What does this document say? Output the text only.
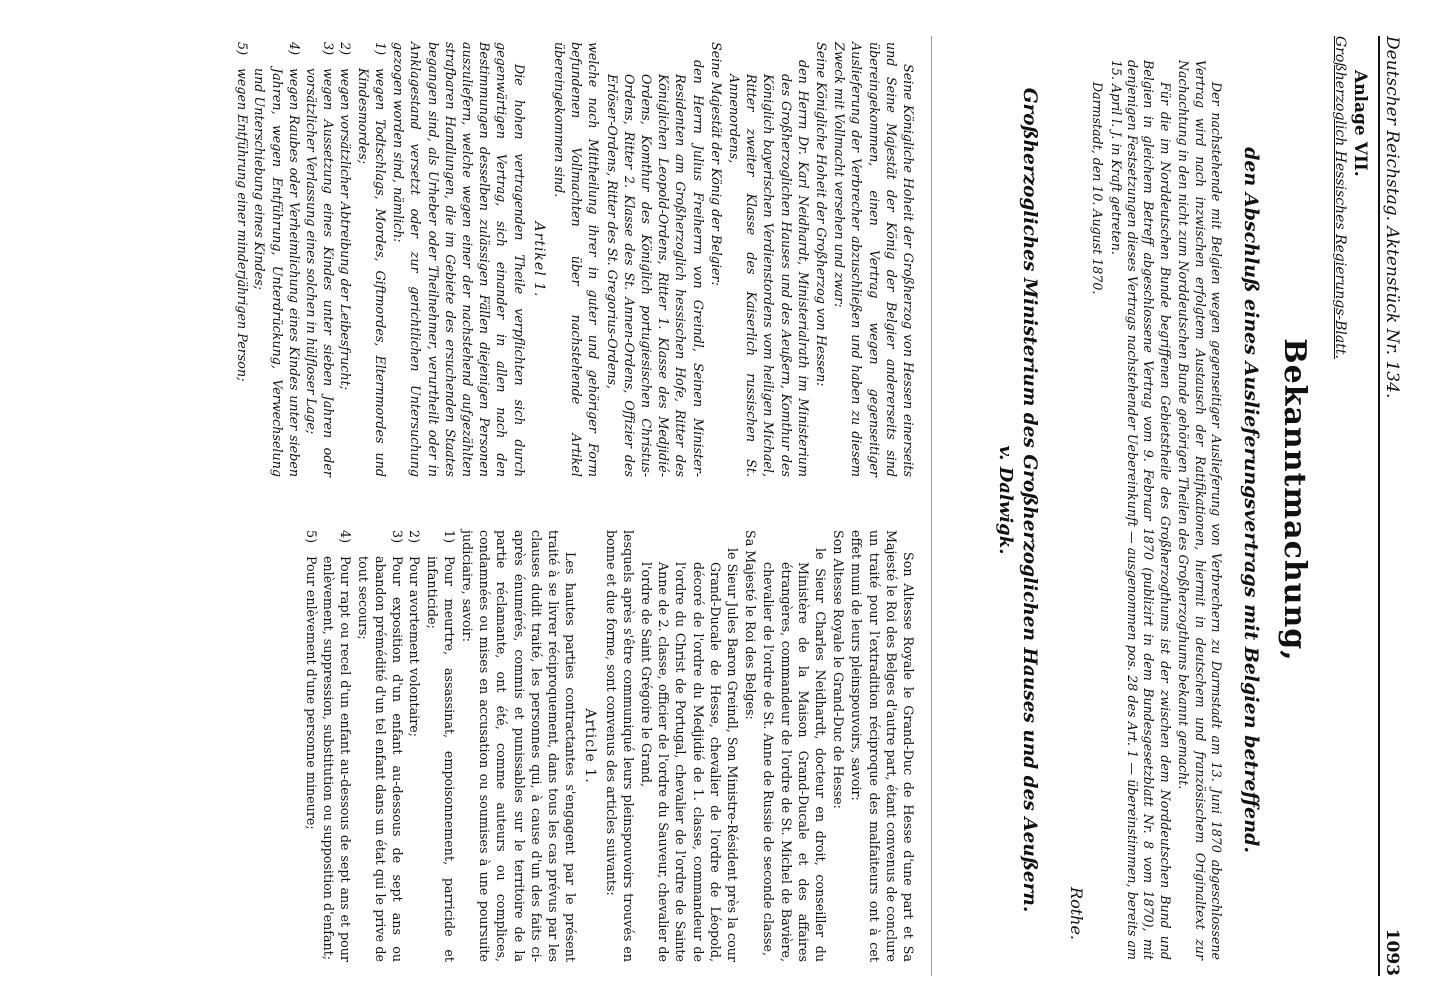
Deutscher Reichstag. Aktenstück Nr. 134.
1093
Anlage VII.
Großherzoglich Hessisches Regierungs-Blatt.
Bekanntmachung,
den Abschluß eines Auslieferungsvertrags mit Belgien betreffend.

Der nachstehende mit Belgien wegen gegenseitiger Auslieferung von Verbrechern zu Darmstadt am 13. Juni 1870 abgeschlossene Vertrag wird nach inzwischen erfolgtem Austausch der Ratifikationen, hiermit in deutschem und französischem Originaltext zur Nachachtung in den nicht zum Norddeutschen Bunde gehörigen Theilen des Großherzogthums bekannt gemacht.

Für die im Norddeutschen Bunde begriffenen Gebietstheile des Großherzogthums ist der zwischen dem Norddeutschen Bund und Belgien in gleichem Betreff abgeschlossene Vertrag vom 9. Februar 1870 (publizirt in dem Bundesgesetzblatt Nr. 8 vom 1870), mit denjenigen Festsetzungen dieses Vertrags nachstehender Uebereinkunft — ausgenommen pos. 28 des Art. 1 — übereinstimmen, bereits am 15. April l. J. in Kraft getreten.

Darmstadt, den 10. August 1870.

Rothe.
Großherzogliches Ministerium des Großherzoglichen Hauses und des Aeußern.
v. Dalwigk.

Seine Königliche Hoheit der Großherzog von Hessen einerseits und Seine Majestät der König der Belgier andererseits sind übereingekommen, einen Vertrag wegen gegenseitiger Auslieferung der Verbrecher abzuschließen und haben zu diesem Zweck mit Vollmacht versehen und zwar:

Seine Königliche Hoheit der Großherzog von Hessen:

den Herrn Dr. Karl Neidhardt, Ministerialrath im Ministerium des Großherzoglichen Hauses und des Aeußern, Komthur des Königlich bayerischen Verdienstordens vom heiligen Michael, Ritter zweiter Klasse des Kaiserlich russischen St. Annenordens,

Seine Majestät der König der Belgier:

den Herrn Julius Freiherrn von Greindl, Seinen Minister-Residenten am Großherzoglich hessischen Hofe, Ritter des Königlichen Leopold-Ordens, Ritter 1. Klasse des Medjidié-Ordens, Komthur des Königlich portugiesischen Christus-Ordens, Ritter 2. Klasse des St. Annen-Ordens, Offizier des Erlöser-Ordens, Ritter des St. Gregorius-Ordens,

welche nach Mittheilung ihrer in guter und gehöriger Form befundenen Vollmachten über nachstehende Artikel übereingekommen sind.

Artikel 1.

Die hohen vertragenden Theile verpflichten sich durch gegenwärtigen Vertrag, sich einander in allen nach den Bestimmungen desselben zulässigen Fällen diejenigen Personen auszuliefern, welche wegen einer der nachstehend aufgezählten strafbaren Handlungen, die im Gebiete des ersuchenden Staates begangen sind, als Urheber oder Theilnehmer, verurtheilt oder in Anklagestand versetzt oder zur gerichtlichen Untersuchung gezogen worden sind, nämlich:

1)
wegen Todtschlags, Mordes, Giftmordes, Elternmordes und Kindesmordes;
2)
wegen vorsätzlicher Abtreibung der Leibesfrucht;
3)
wegen Aussetzung eines Kindes unter sieben Jahren oder vorsätzlicher Verlassung eines solchen in hülfloser Lage;
4)
wegen Raubes oder Verheimlichung eines Kindes unter sieben Jahren, wegen Entführung, Unterdrückung, Verwechselung und Unterschiebung eines Kindes;
5)
wegen Entführung einer minderjährigen Person;

Son Altesse Royale le Grand-Duc de Hesse d'une part et Sa Majesté le Roi des Belges d'autre part, étant convenus de conclure un traité pour l'extradition réciproque des malfaiteurs ont à cet effet muni de leurs pleinspouvoirs, savoir:

Son Altesse Royale le Grand-Duc de Hesse:

le Sieur Charles Neidhardt, docteur en droit, conseiller du Ministère de la Maison Grand-Ducale et des affaires étrangères, commandeur de l'ordre de St. Michel de Bavière, chevalier de l'ordre de St. Anne de Russie de seconde classe,

Sa Majesté le Roi des Belges:

le Sieur Jules Baron Greindl, Son Ministre-Résident près la cour Grand-Ducale de Hesse, chevalier de l'ordre de Léopold, décoré de l'ordre du Medjidié de 1. classe, commandeur de l'ordre du Christ de Portugal, chevalier de l'ordre de Sainte Anne de 2. classe, officier de l'ordre du Sauveur, chevalier de l'ordre de Saint Grégoire le Grand,

lesquels après s'être communiqué leurs pleinspouvoirs trouvés en bonne et due forme, sont convenus des articles suivants:

Article 1.

Les hautes parties contractantes s'engagent par le présent traité à se livrer réciproquement, dans tous les cas prévus par les clauses dudit traité, les personnes qui, à cause d'un des faits ci-après énumérés, commis et punissables sur le territoire de la partie réclamante, ont été, comme auteurs ou complices, condamnées ou mises en accusation ou soumises à une poursuite judiciaire, savoir:

1)
Pour meurtre, assassinat, empoisonnement, parricide et infanticide;
2)
Pour avortement volontaire;
3)
Pour exposition d'un enfant au-dessous de sept ans ou abandon prémédité d'un tel enfant dans un état qui le prive de tout secours;
4)
Pour rapt ou recel d'un enfant au-dessous de sept ans et pour enlèvement, suppression, substitution ou supposition d'enfant;
5)
Pour enlèvement d'une personne mineure;
